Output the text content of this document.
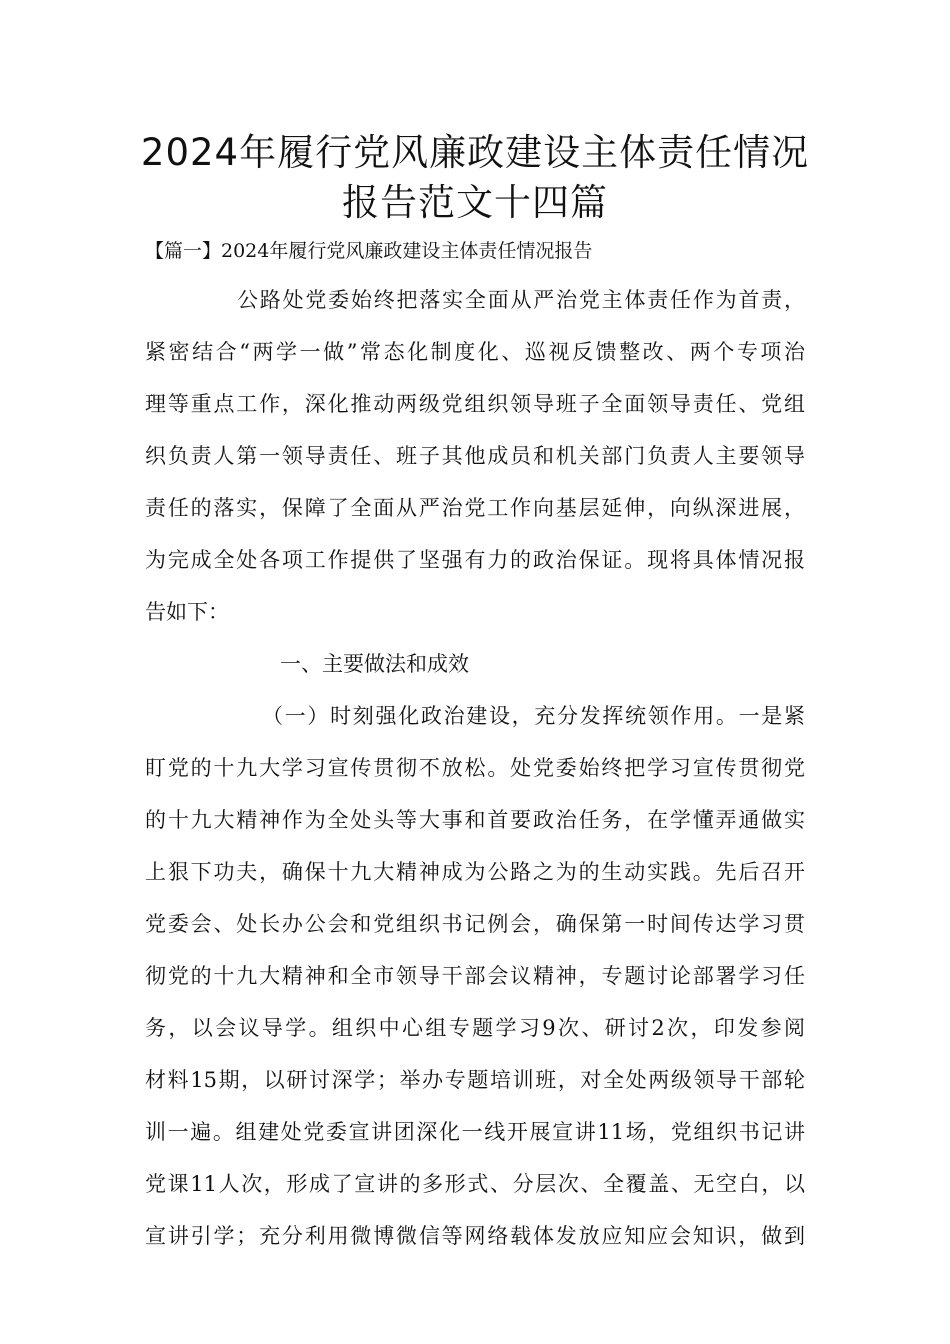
2024年履行党风廉政建设主体责任情况
报告范文十四篇
【篇一】2024年履行党风廉政建设主体责任情况报告
公路处党委始终把落实全面从严治党主体责任作为首责，
紧密结合“两学一做”常态化制度化、巡视反馈整改、两个专项治
理等重点工作，深化推动两级党组织领导班子全面领导责任、党组
织负责人第一领导责任、班子其他成员和机关部门负责人主要领导
责任的落实，保障了全面从严治党工作向基层延伸，向纵深进展，
为完成全处各项工作提供了坚强有力的政治保证。现将具体情况报
告如下：
一、主要做法和成效
（一）时刻强化政治建设，充分发挥统领作用。一是紧
盯党的十九大学习宣传贯彻不放松。处党委始终把学习宣传贯彻党
的十九大精神作为全处头等大事和首要政治任务，在学懂弄通做实
上狠下功夫，确保十九大精神成为公路之为的生动实践。先后召开
党委会、处长办公会和党组织书记例会，确保第一时间传达学习贯
彻党的十九大精神和全市领导干部会议精神，专题讨论部署学习任
务，以会议导学。组织中心组专题学习9次、研讨2次，印发参阅
材料15期，以研讨深学；举办专题培训班，对全处两级领导干部轮
训一遍。组建处党委宣讲团深化一线开展宣讲11场，党组织书记讲
党课11人次，形成了宣讲的多形式、分层次、全覆盖、无空白，以
宣讲引学；充分利用微博微信等网络载体发放应知应会知识，做到
